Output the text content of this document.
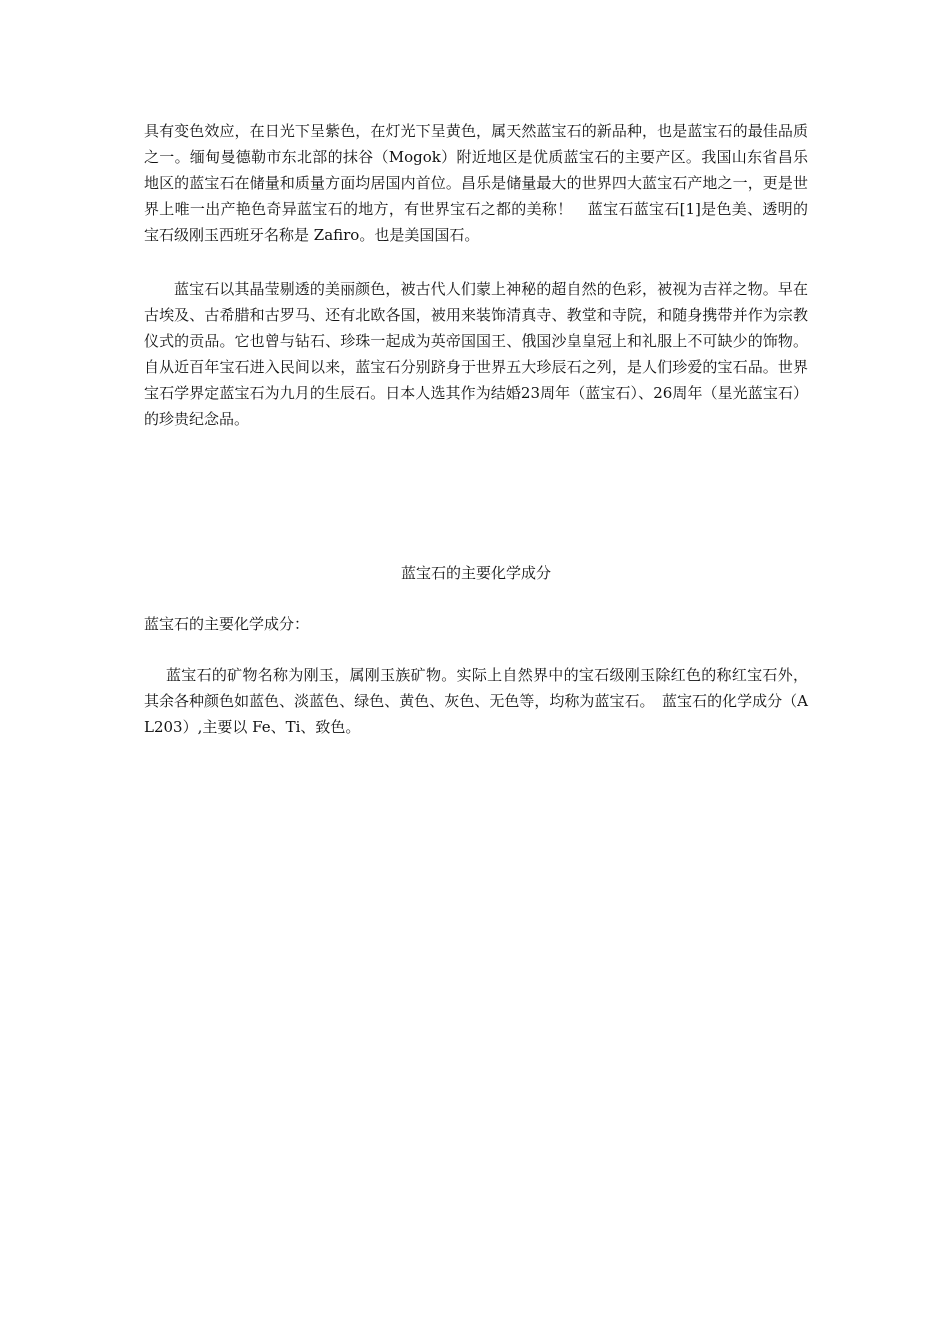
具有变色效应，在日光下呈紫色，在灯光下呈黄色，属天然蓝宝石的新品种，也是蓝宝石的最佳品质之一。缅甸曼德勒市东北部的抹谷（Mogok）附近地区是优质蓝宝石的主要产区。我国山东省昌乐地区的蓝宝石在储量和质量方面均居国内首位。昌乐是储量最大的世界四大蓝宝石产地之一，更是世界上唯一出产艳色奇异蓝宝石的地方，有世界宝石之都的美称！　蓝宝石蓝宝石[1]是色美、透明的宝石级刚玉西班牙名称是 Zafiro。也是美国国石。

蓝宝石以其晶莹剔透的美丽颜色，被古代人们蒙上神秘的超自然的色彩，被视为吉祥之物。早在古埃及、古希腊和古罗马、还有北欧各国，被用来装饰清真寺、教堂和寺院，和随身携带并作为宗教仪式的贡品。它也曾与钻石、珍珠一起成为英帝国国王、俄国沙皇皇冠上和礼服上不可缺少的饰物。自从近百年宝石进入民间以来，蓝宝石分别跻身于世界五大珍辰石之列，是人们珍爱的宝石品。世界宝石学界定蓝宝石为九月的生辰石。日本人选其作为结婚23周年（蓝宝石）、26周年（星光蓝宝石）的珍贵纪念品。

蓝宝石的主要化学成分

蓝宝石的主要化学成分：

蓝宝石的矿物名称为刚玉，属刚玉族矿物。实际上自然界中的宝石级刚玉除红色的称红宝石外，其余各种颜色如蓝色、淡蓝色、绿色、黄色、灰色、无色等，均称为蓝宝石。　蓝宝石的化学成分（AL203）,主要以 Fe、Ti、致色。
